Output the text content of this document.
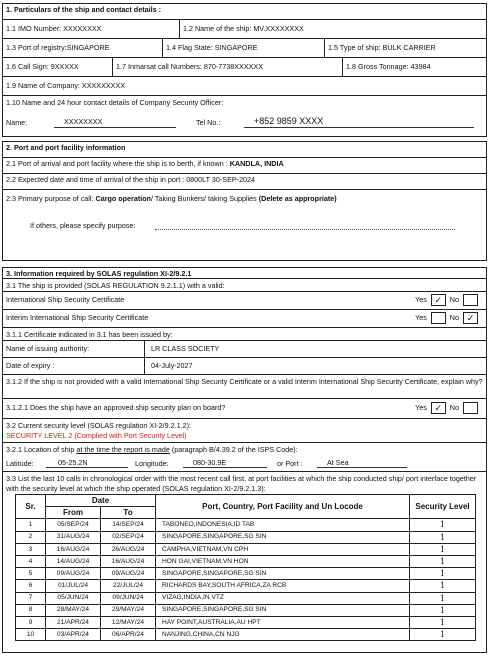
1. Particulars of the ship and contact details :
1.1 IMO Number: XXXXXXXX	1.2 Name of the ship: MV.XXXXXXXX
1.3 Port of registry:SINGAPORE	1.4 Flag State: SINGAPORE	1.5 Type of ship: BULK CARRIER
1.6 Call Sign: 9XXXXX	1.7 Inmarsat call Numbers: 870-7738XXXXXX	1.8 Gross Tonnage: 43984
1.9 Name of Company: XXXXXXXXX
1.10 Name and 24 hour contact details of Company Security Officer:
Name:	XXXXXXXX	Tel No.:	+852 9859 XXXX
2. Port and port facility information
2.1 Port of arrival and port facility where the ship is to berth, if known : KANDLA, INDIA
2.2 Expected date and time of arrival of the ship in port : 0800LT 30-SEP-2024
2.3 Primary purpose of call: Cargo operation/ Taking Bunkers/ taking Supplies (Delete as appropriate)
If others, please specify purpose:
3. Information required by SOLAS regulation XI-2/9.2.1
3.1 The ship is provided (SOLAS REGULATION 9.2.1.1) with a valid:
International Ship Security Certificate	Yes ✓	No
Interim International Ship Security Certificate	Yes	No ✓
3.1.1 Certificate indicated in 3.1 has been issued by:
Name of issuing authority:	LR CLASS SOCIETY
Date of expiry :	04-July-2027
3.1.2 If the ship is not provided with a valid International Ship Security Certificate or a valid Interim International Ship Security Certificate, explain why?
3.1.2.1 Does the ship have an approved ship security plan on board?	Yes ✓	No
3.2 Current security level (SOLAS regulation XI-2/9.2.1.2):
SECURITY LEVEL 2 (Complied with Port Security Level)
3.2.1 Location of ship at the time the report is made (paragraph B/4.39.2 of the ISPS Code):
Latitude:	05-25.2N	Longitude:	080-30.9E	or Port :	At Sea
3.3 List the last 10 calls in chronological order with the most recent call first, at port facilities at which the ship conducted ship/ port interface together with the security level at which the ship operated (SOLAS regulation XI-2/9.2.1.3):
Sr.	Date		Port, Country, Port Facility and Un Locode	Security Level
	From	To		
1	05/SEP/24	14/SEP/24	TABONEO,INDONESIA,ID TAB	1
2	31/AUG/24	02/SEP/24	SINGAPORE,SINGAPORE,SG SIN	1
3	16/AUG/24	26/AUG/24	CAMPHA,VIETNAM,VN CPH	1
4	14/AUG/24	16/AUG/24	HON GAI,VIETNAM,VN HON	1
5	09/AUG/24	09/AUG/24	SINGAPORE,SINGAPORE,SG SIN	1
6	01/JUL/24	22/JUL/24	RICHARDS BAY,SOUTH AFRICA,ZA RCB	1
7	05/JUN/24	09/JUN/24	VIZAG,INDIA,IN VTZ	1
8	28/MAY/24	29/MAY/24	SINGAPORE,SINGAPORE,SG SIN	1
9	21/APR/24	12/MAY/24	HAY POINT,AUSTRALIA,AU HPT	1
10	03/APR/24	06/APR/24	NANJING,CHINA,CN NJG	1
